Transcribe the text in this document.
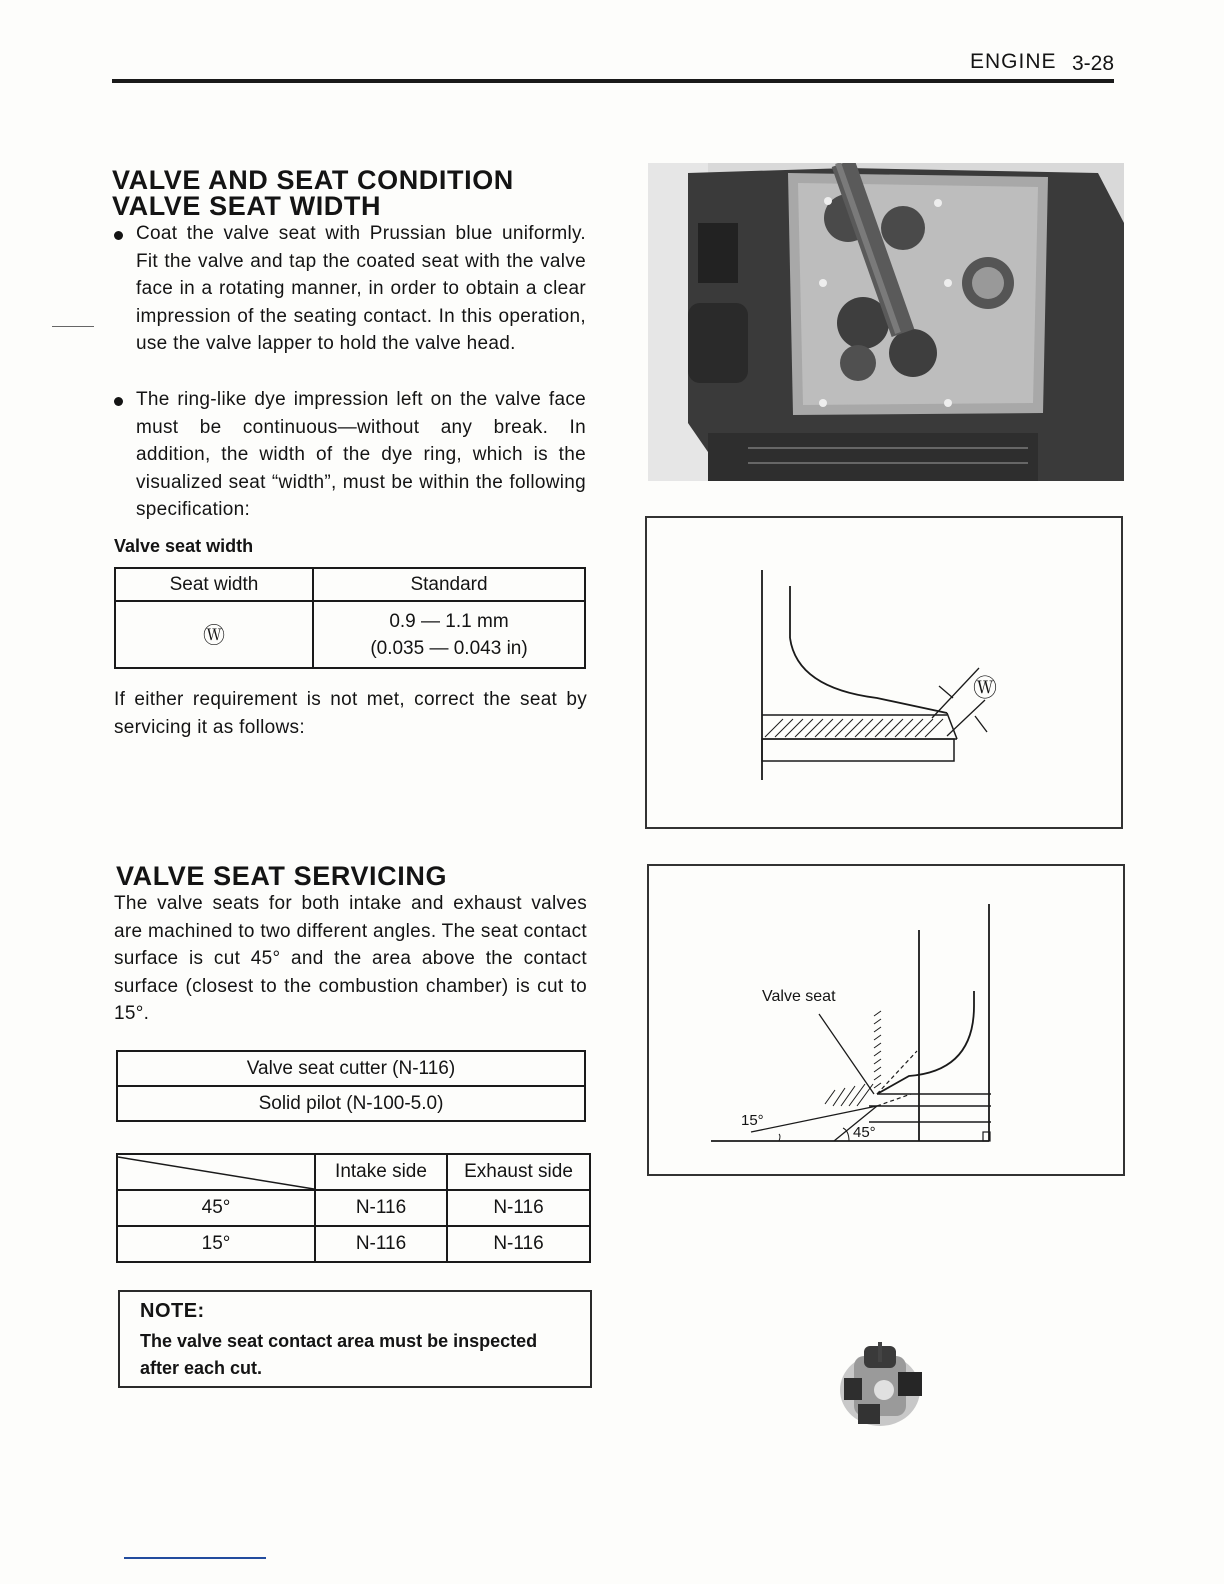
ENGINE 3-28
VALVE AND SEAT CONDITION
VALVE SEAT WIDTH

Coat the valve seat with Prussian blue uniformly. Fit the valve and tap the coated seat with the valve face in a rotating manner, in order to obtain a clear impression of the seating contact. In this operation, use the valve lapper to hold the valve head.

The ring-like dye impression left on the valve face must be continuous—without any break. In addition, the width of the dye ring, which is the visualized seat “width”, must be within the following specification:

Valve seat width
Seat width	Standard
Ⓦ	0.9 — 1.1 mm
(0.035 — 0.043 in)

If either requirement is not met, correct the seat by servicing it as follows:

VALVE SEAT SERVICING

The valve seats for both intake and exhaust valves are machined to two different angles. The seat contact surface is cut 45° and the area above the contact surface (closest to the combustion chamber) is cut to 15°.

Valve seat cutter (N-116)
Solid pilot (N-100-5.0)
	Intake side	Exhaust side
45°	N-116	N-116
15°	N-116	N-116
NOTE:
The valve seat contact area must be inspected after each cut.
Ⓦ
Valve seat
15°
45°
